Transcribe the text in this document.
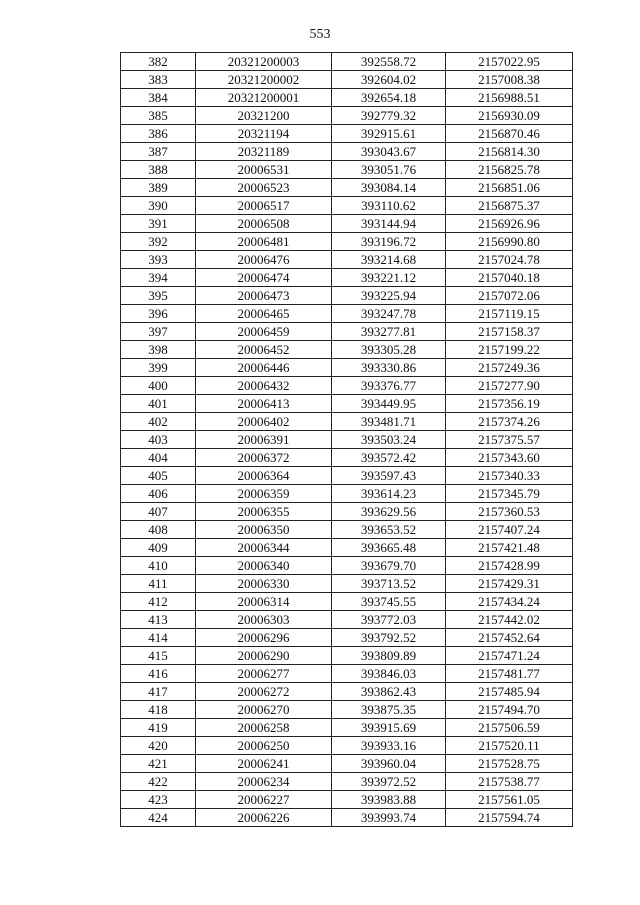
553
382	20321200003	392558.72	2157022.95
383	20321200002	392604.02	2157008.38
384	20321200001	392654.18	2156988.51
385	20321200	392779.32	2156930.09
386	20321194	392915.61	2156870.46
387	20321189	393043.67	2156814.30
388	20006531	393051.76	2156825.78
389	20006523	393084.14	2156851.06
390	20006517	393110.62	2156875.37
391	20006508	393144.94	2156926.96
392	20006481	393196.72	2156990.80
393	20006476	393214.68	2157024.78
394	20006474	393221.12	2157040.18
395	20006473	393225.94	2157072.06
396	20006465	393247.78	2157119.15
397	20006459	393277.81	2157158.37
398	20006452	393305.28	2157199.22
399	20006446	393330.86	2157249.36
400	20006432	393376.77	2157277.90
401	20006413	393449.95	2157356.19
402	20006402	393481.71	2157374.26
403	20006391	393503.24	2157375.57
404	20006372	393572.42	2157343.60
405	20006364	393597.43	2157340.33
406	20006359	393614.23	2157345.79
407	20006355	393629.56	2157360.53
408	20006350	393653.52	2157407.24
409	20006344	393665.48	2157421.48
410	20006340	393679.70	2157428.99
411	20006330	393713.52	2157429.31
412	20006314	393745.55	2157434.24
413	20006303	393772.03	2157442.02
414	20006296	393792.52	2157452.64
415	20006290	393809.89	2157471.24
416	20006277	393846.03	2157481.77
417	20006272	393862.43	2157485.94
418	20006270	393875.35	2157494.70
419	20006258	393915.69	2157506.59
420	20006250	393933.16	2157520.11
421	20006241	393960.04	2157528.75
422	20006234	393972.52	2157538.77
423	20006227	393983.88	2157561.05
424	20006226	393993.74	2157594.74
